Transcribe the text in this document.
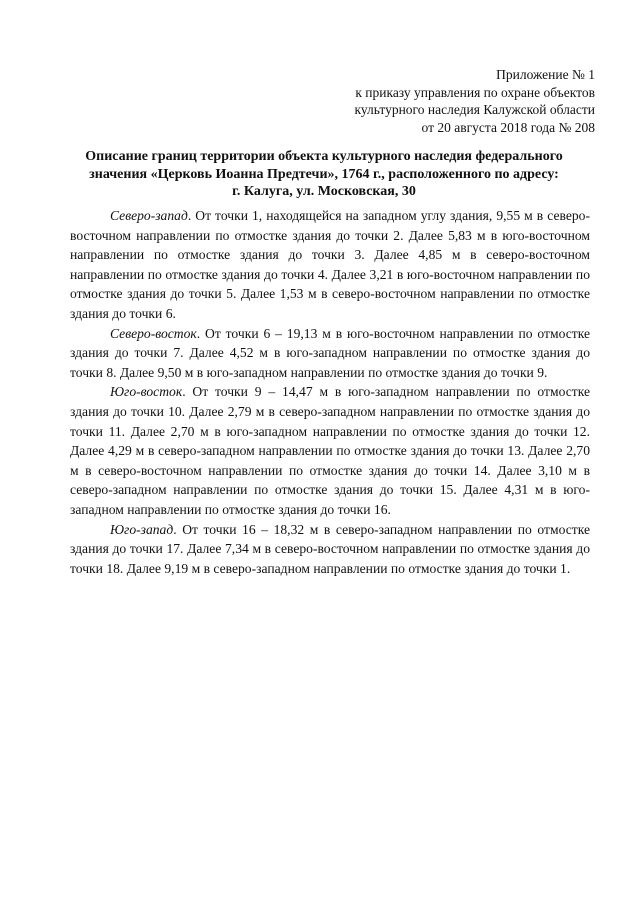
Приложение № 1
к приказу управления по охране объектов
культурного наследия Калужской области
от 20 августа 2018 года № 208
Описание границ территории объекта культурного наследия федерального
значения «Церковь Иоанна Предтечи», 1764 г., расположенного по адресу:
г. Калуга, ул. Московская, 30

Северо-запад. От точки 1, находящейся на западном углу здания, 9,55 м в северо-восточном направлении по отмостке здания до точки 2. Далее 5,83 м в юго-восточном направлении по отмостке здания до точки 3. Далее 4,85 м в северо-восточном направлении по отмостке здания до точки 4. Далее 3,21 в юго-восточном направлении по отмостке здания до точки 5. Далее 1,53 м в северо-восточном направлении по отмостке здания до точки 6.

Северо-восток. От точки 6 – 19,13 м в юго-восточном направлении по отмостке здания до точки 7. Далее 4,52 м в юго-западном направлении по отмостке здания до точки 8. Далее 9,50 м в юго-западном направлении по отмостке здания до точки 9.

Юго-восток. От точки 9 – 14,47 м в юго-западном направлении по отмостке здания до точки 10. Далее 2,79 м в северо-западном направлении по отмостке здания до точки 11. Далее 2,70 м в юго-западном направлении по отмостке здания до точки 12. Далее 4,29 м в северо-западном направлении по отмостке здания до точки 13. Далее 2,70 м в северо-восточном направлении по отмостке здания до точки 14. Далее 3,10 м в северо-западном направлении по отмостке здания до точки 15. Далее 4,31 м в юго-западном направлении по отмостке здания до точки 16.

Юго-запад. От точки 16 – 18,32 м в северо-западном направлении по отмостке здания до точки 17. Далее 7,34 м в северо-восточном направлении по отмостке здания до точки 18. Далее 9,19 м в северо-западном направлении по отмостке здания до точки 1.
